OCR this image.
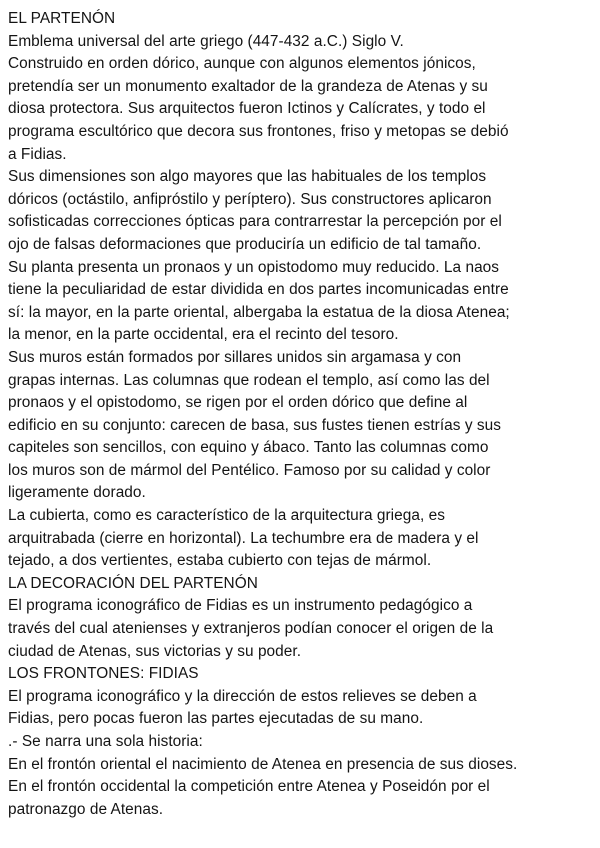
EL PARTENÓN
Emblema universal del arte griego (447-432 a.C.) Siglo V.
Construido en orden dórico, aunque con algunos elementos jónicos,
pretendía ser un monumento exaltador de la grandeza de Atenas y su
diosa protectora. Sus arquitectos fueron Ictinos y Calícrates, y todo el
programa escultórico que decora sus frontones, friso y metopas se debió
a Fidias.
Sus dimensiones son algo mayores que las habituales de los templos
dóricos (octástilo, anfipróstilo y períptero). Sus constructores aplicaron
sofisticadas correcciones ópticas para contrarrestar la percepción por el
ojo de falsas deformaciones que produciría un edificio de tal tamaño.
Su planta presenta un pronaos y un opistodomo muy reducido. La naos
tiene la peculiaridad de estar dividida en dos partes incomunicadas entre
sí: la mayor, en la parte oriental, albergaba la estatua de la diosa Atenea;
la menor, en la parte occidental, era el recinto del tesoro.
Sus muros están formados por sillares unidos sin argamasa y con
grapas internas. Las columnas que rodean el templo, así como las del
pronaos y el opistodomo, se rigen por el orden dórico que define al
edificio en su conjunto: carecen de basa, sus fustes tienen estrías y sus
capiteles son sencillos, con equino y ábaco. Tanto las columnas como
los muros son de mármol del Pentélico. Famoso por su calidad y color
ligeramente dorado.
La cubierta, como es característico de la arquitectura griega, es
arquitrabada (cierre en horizontal). La techumbre era de madera y el
tejado, a dos vertientes, estaba cubierto con tejas de mármol.
LA DECORACIÓN DEL PARTENÓN
El programa iconográfico de Fidias es un instrumento pedagógico a
través del cual atenienses y extranjeros podían conocer el origen de la
ciudad de Atenas, sus victorias y su poder.
LOS FRONTONES: FIDIAS
El programa iconográfico y la dirección de estos relieves se deben a
Fidias, pero pocas fueron las partes ejecutadas de su mano.
.- Se narra una sola historia:
En el frontón oriental el nacimiento de Atenea en presencia de sus dioses.
En el frontón occidental la competición entre Atenea y Poseidón por el
patronazgo de Atenas.
